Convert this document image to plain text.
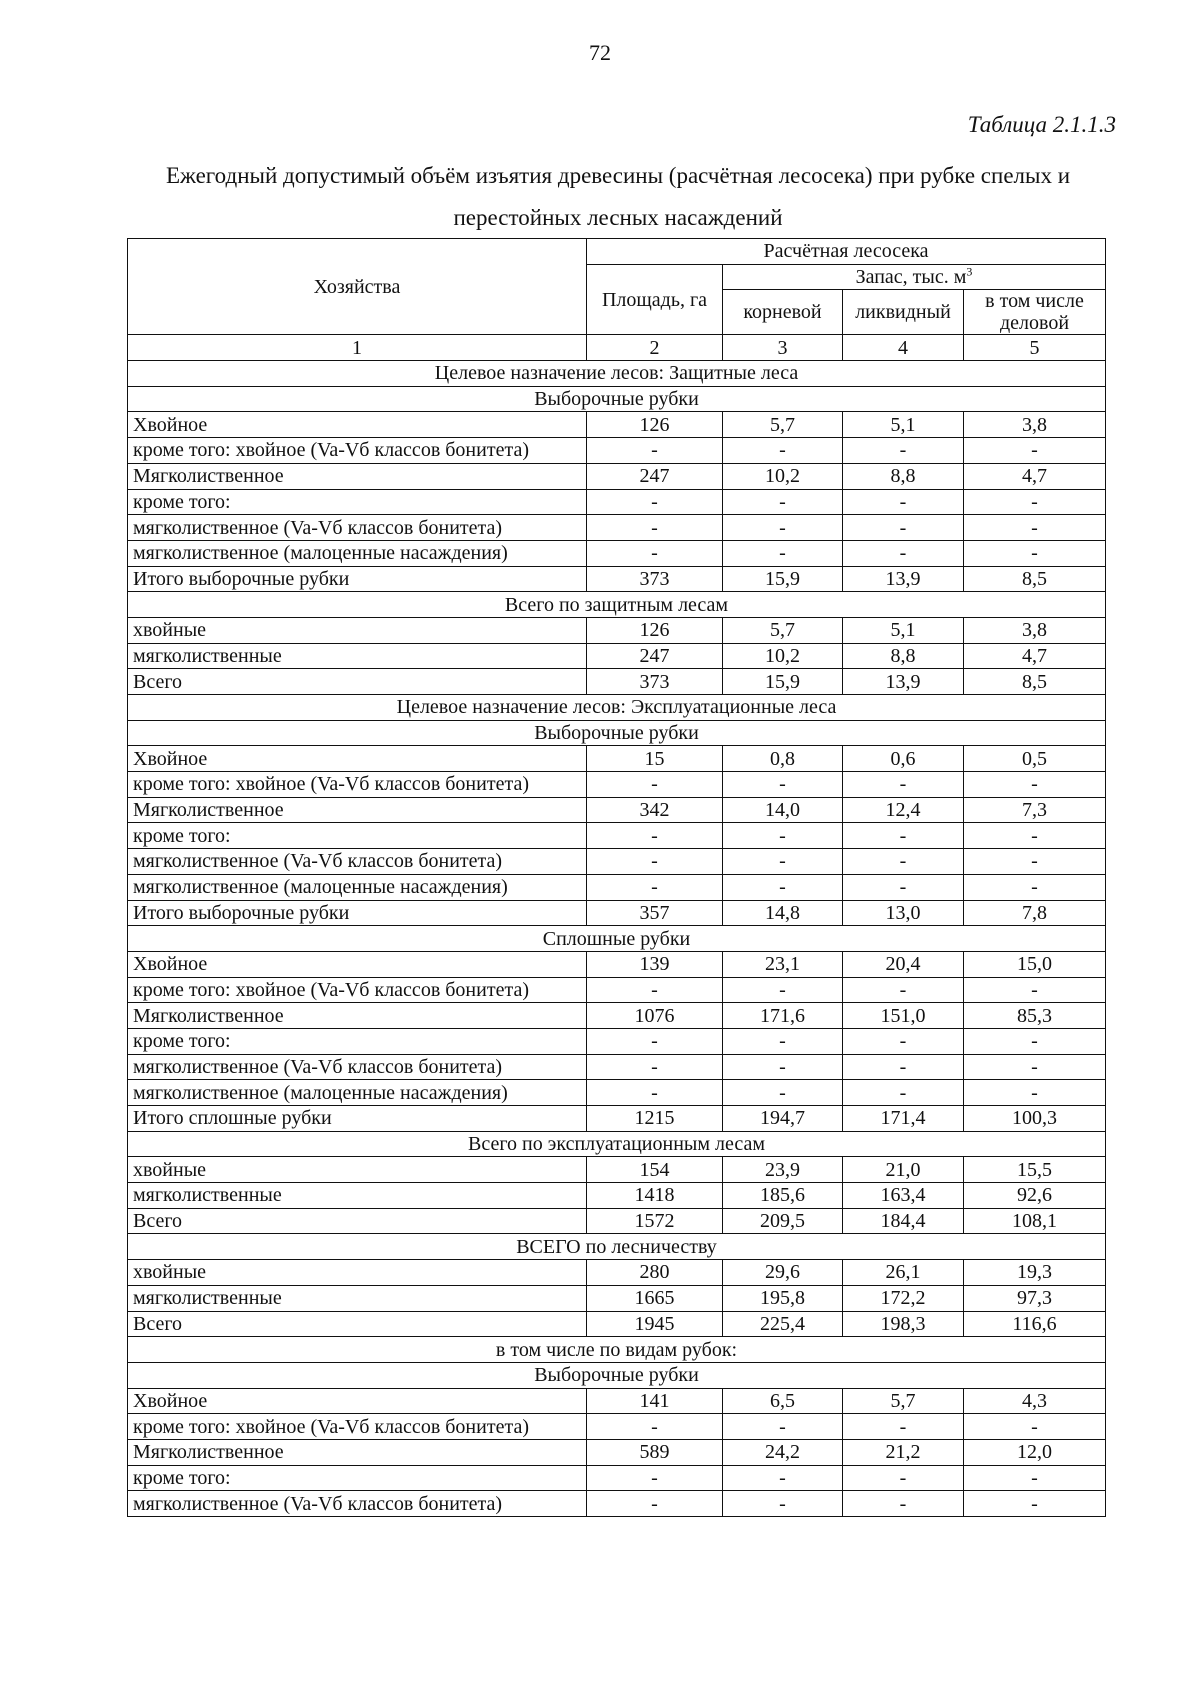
72
Таблица 2.1.1.3
Ежегодный допустимый объём изъятия древесины (расчётная лесосека) при рубке спелых и перестойных лесных насаждений
Хозяйства	Расчётная лесосека			
	Площадь, га	Запас, тыс. $м^3$
		корневой	ликвидный	в том числе деловой
1	2	3	4	5
Целевое назначение лесов: Защитные леса				
Выборочные рубки				
Хвойное	126	5,7	5,1	3,8
кроме того: хвойное (Va-Vб классов бонитета)	-	-	-	-
Мягколиственное	247	10,2	8,8	4,7
кроме того:	-	-	-	-
мягколиственное (Va-Vб классов бонитета)	-	-	-	-
мягколиственное (малоценные насаждения)	-	-	-	-
Итого выборочные рубки	373	15,9	13,9	8,5
Всего по защитным лесам				
хвойные	126	5,7	5,1	3,8
мягколиственные	247	10,2	8,8	4,7
Всего	373	15,9	13,9	8,5
Целевое назначение лесов: Эксплуатационные леса				
Выборочные рубки				
Хвойное	15	0,8	0,6	0,5
кроме того: хвойное (Va-Vб классов бонитета)	-	-	-	-
Мягколиственное	342	14,0	12,4	7,3
кроме того:	-	-	-	-
мягколиственное (Va-Vб классов бонитета)	-	-	-	-
мягколиственное (малоценные насаждения)	-	-	-	-
Итого выборочные рубки	357	14,8	13,0	7,8
Сплошные рубки				
Хвойное	139	23,1	20,4	15,0
кроме того: хвойное (Va-Vб классов бонитета)	-	-	-	-
Мягколиственное	1076	171,6	151,0	85,3
кроме того:	-	-	-	-
мягколиственное (Va-Vб классов бонитета)	-	-	-	-
мягколиственное (малоценные насаждения)	-	-	-	-
Итого сплошные рубки	1215	194,7	171,4	100,3
Всего по эксплуатационным лесам				
хвойные	154	23,9	21,0	15,5
мягколиственные	1418	185,6	163,4	92,6
Всего	1572	209,5	184,4	108,1
ВСЕГО по лесничеству				
хвойные	280	29,6	26,1	19,3
мягколиственные	1665	195,8	172,2	97,3
Всего	1945	225,4	198,3	116,6
в том числе по видам рубок:				
Выборочные рубки				
Хвойное	141	6,5	5,7	4,3
кроме того: хвойное (Va-Vб классов бонитета)	-	-	-	-
Мягколиственное	589	24,2	21,2	12,0
кроме того:	-	-	-	-
мягколиственное (Va-Vб классов бонитета)	-	-	-	-
